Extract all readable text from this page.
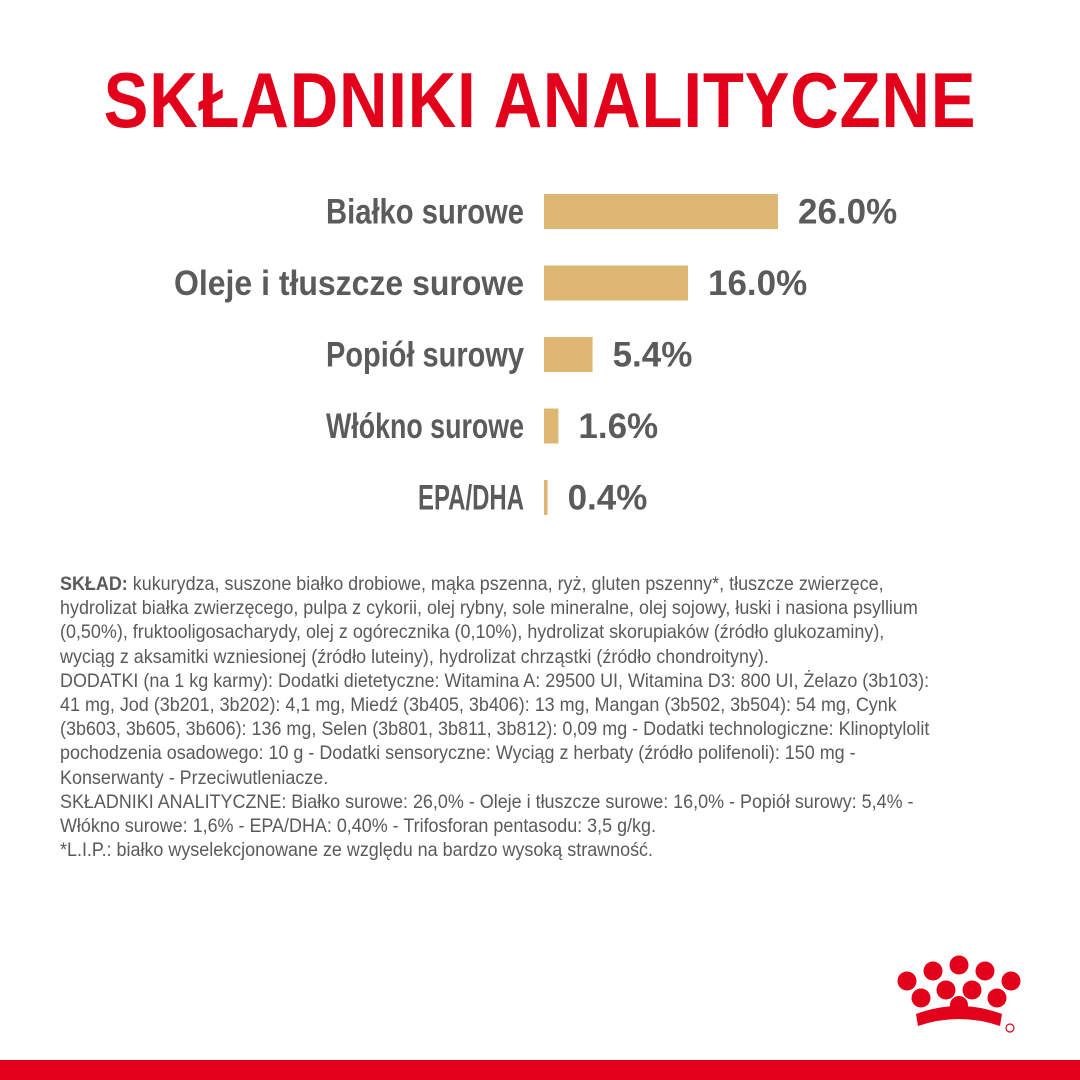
SKŁADNIKI ANALITYCZNE
Białko surowe	26.0%
Oleje i tłuszcze surowe	16.0%
Popiół surowy	5.4%
Włókno surowe 1.6%
EPA/DHA 0.4%

SKŁAD: kukurydza, suszone białko drobiowe, mąka pszenna, ryż, gluten pszenny*, tłuszcze zwierzęce, hydrolizat białka zwierzęcego, pulpa z cykorii, olej rybny, sole mineralne, olej sojowy, łuski i nasiona psyllium (0,50%), fruktooligosacharydy, olej z ogórecznika (0,10%), hydrolizat skorupiaków (źródło glukozaminy), wyciąg z aksamitki wzniesionej (źródło luteiny), hydrolizat chrząstki (źródło chondroityny).

DODATKI (na 1 kg karmy): Dodatki dietetyczne: Witamina A: 29500 UI, Witamina D3: 800 UI, Żelazo (3b103): 41 mg, Jod (3b201, 3b202): 4,1 mg, Miedź (3b405, 3b406): 13 mg, Mangan (3b502, 3b504): 54 mg, Cynk (3b603, 3b605, 3b606): 136 mg, Selen (3b801, 3b811, 3b812): 0,09 mg - Dodatki technologiczne: Klinoptylolit pochodzenia osadowego: 10 g - Dodatki sensoryczne: Wyciąg z herbaty (źródło polifenoli): 150 mg - Konserwanty - Przeciwutleniacze.

SKŁADNIKI ANALITYCZNE: Białko surowe: 26,0% - Oleje i tłuszcze surowe: 16,0% - Popiół surowy: 5,4% - Włókno surowe: 1,6% - EPA/DHA: 0,40% - Trifosforan pentasodu: 3,5 g/kg.

*L.I.P.: białko wyselekcjonowane ze względu na bardzo wysoką strawność.
